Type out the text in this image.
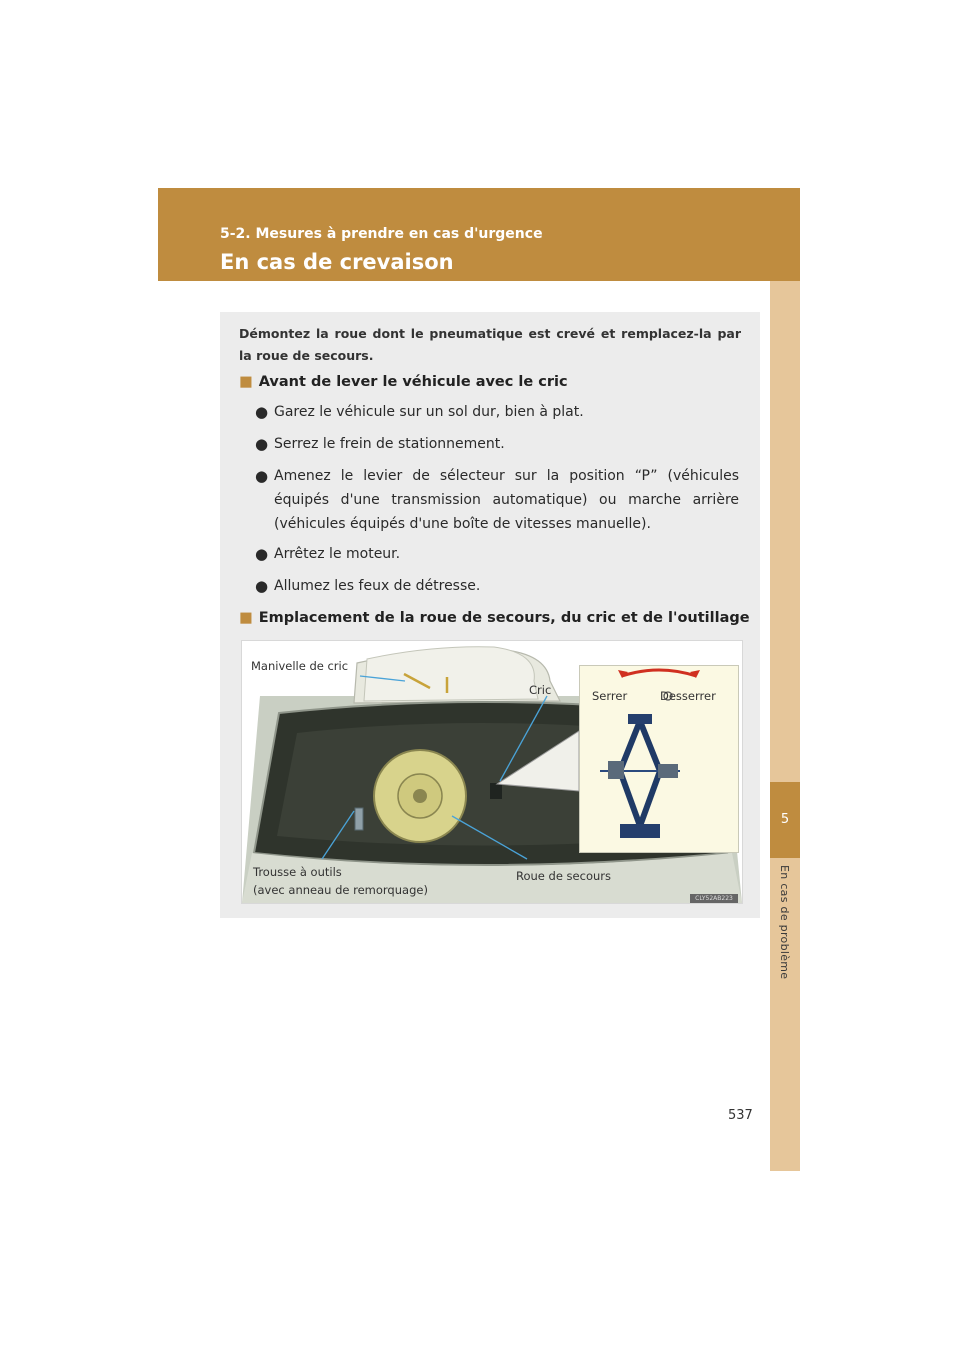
5-2. Mesures à prendre en cas d'urgence
En cas de crevaison
5
En cas de problème
Démontez la roue dont le pneumatique est crevé et remplacez-la par la roue de secours.
■ Avant de lever le véhicule avec le cric
● Garez le véhicule sur un sol dur, bien à plat.
● Serrez le frein de stationnement.
● Amenez le levier de sélecteur sur la position “P” (véhicules équipés d'une transmission automatique) ou marche arrière (véhicules équipés d'une boîte de vitesses manuelle).
● Arrêtez le moteur.
● Allumez les feux de détresse.
■ Emplacement de la roue de secours, du cric et de l'outillage
Manivelle de cric
Cric	Serrer	Desserrer
Trousse à outils
(avec anneau de remorquage)
Roue de secours
CLY52AB223
537
